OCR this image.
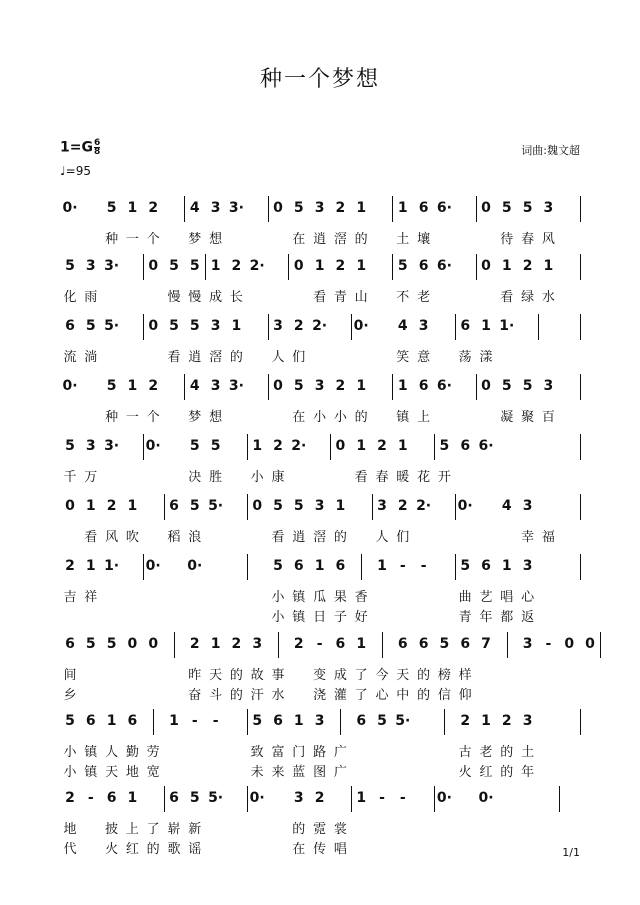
种一个梦想
$1=G \frac{6}{8}$
♩=95
词曲:魏文超
1/1
0·	5 1 2	4 3 3·	0 5 3 2 1	1 6 6·	0 5 5 3
种 一 个 梦 想	在 逍 滘 的 土 壤	待 春 风
5 3 3·	0 5 5 1 2 2·	0 1 2 1	5 6 6·	0 1 2 1
化 雨	慢 慢 成 长	看 青 山 不 老	看 绿 水
6 5 5·	0 5 5 3 1	3 2 2· 0·	4 3	6 1 1·
流 淌	看 逍 滘 的 人 们	笑 意 荡 漾
0·	5 1 2	4 3 3·	0 5 3 2 1	1 6 6·	0 5 5 3
种 一 个 梦 想	在 小 小 的 镇 上	凝 聚 百
5 3 3· 0·	5 5	1 2 2·	0 1 2 1	5 6 6·
千 万	决 胜 小 康	看 春 暖 花 开
0 1 2 1	6 5 5·	0 5 5 3 1	3 2 2· 0·	4 3
看 风 吹 稻 浪	看 逍 滘 的 人 们	幸 福
2 1 1· 0· 0·	5 6 1 6	1 -	-	5 6 1 3
吉 祥	小 镇 瓜 果 香	曲 艺 唱 心
小 镇 日 子 好	青 年 都 返
6 5 5 0 0	2 1 2 3	2 - 6 1	6 6 5 6 7	3 - 0 0
间	昨 天 的 故 事 变 成 了 今 天 的 榜 样
乡	奋 斗 的 汗 水 浇 灌 了 心 中 的 信 仰
5 6 1 6	1 -	-	5 6 1 3	6 5 5·	2 1 2 3
小 镇 人 勤 劳	致 富 门 路 广	古 老 的 土
小 镇 天 地 宽	未 来 蓝 图 广	火 红 的 年
2 - 6 1	6 5 5· 0·	3 2	1 -	-	0· 0·
地 披 上 了 崭 新	的 霓 裳
代 火 红 的 歌 谣	在 传 唱
